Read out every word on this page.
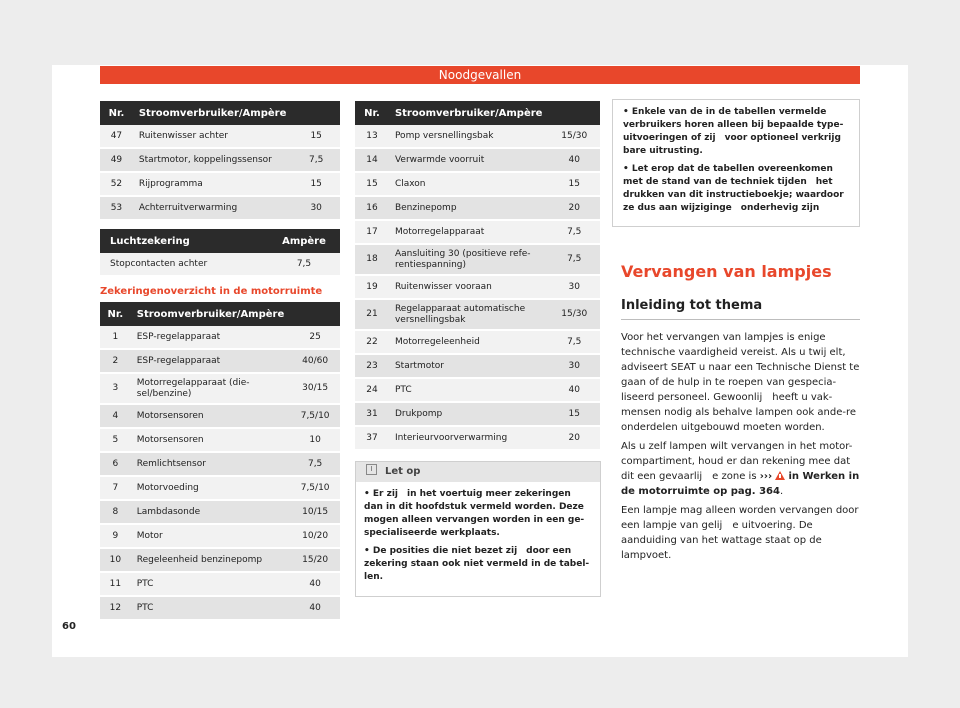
Noodgevallen
Nr.	Stroomverbruiker/Ampère	
47	Ruitenwisser achter	15
49	Startmotor, koppelingssensor	7,5
52	Rijprogramma	15
53	Achterruitverwarming	30
Luchtzekering	Ampère
Stopcontacten achter	7,5
Zekeringenoverzicht in de motorruimte
Nr.	Stroomverbruiker/Ampère	
1	ESP-regelapparaat	25
2	ESP-regelapparaat	40/60
3	Motorregelapparaat (die-
sel/benzine)	30/15
4	Motorsensoren	7,5/10
5	Motorsensoren	10
6	Remlichtsensor	7,5
7	Motorvoeding	7,5/10
8	Lambdasonde	10/15
9	Motor	10/20
10	Regeleenheid benzinepomp	15/20
11	PTC	40
12	PTC	40
Nr.	Stroomverbruiker/Ampère	
13	Pomp versnellingsbak	15/30
14	Verwarmde voorruit	40
15	Claxon	15
16	Benzinepomp	20
17	Motorregelapparaat	7,5
18	Aansluiting 30 (positieve refe-
rentiespanning)	7,5
19	Ruitenwisser vooraan	30
21	Regelapparaat automatische
versnellingsbak	15/30
22	Motorregeleenheid	7,5
23	Startmotor	30
24	PTC	40
31	Drukpomp	15
37	Interieurvoorverwarming	20
Let op

• Er zij in het voertuig meer zekeringen dan in dit hoofdstuk vermeld worden. Deze mogen alleen vervangen worden in een ge-specialiseerde werkplaats.

• De posities die niet bezet zij door een zekering staan ook niet vermeld in de tabel-len.

• Enkele van de in de tabellen vermelde verbruikers horen alleen bij bepaalde type-uitvoeringen of zij voor optioneel verkrijg bare uitrusting.

• Let erop dat de tabellen overeenkomen met de stand van de techniek tijden het drukken van dit instructieboekje; waardoor ze dus aan wijzigingе onderhevig zijn

Vervangen van lampjes
Inleiding tot thema

Voor het vervangen van lampjes is enige technische vaardigheid vereist. Als u twij elt, adviseert SEAT u naar een Technische Dienst te gaan of de hulp in te roepen van gespecia-liseerd personeel. Gewoonlij heeft u vak-mensen nodig als behalve lampen ook ande-re onderdelen uitgebouwd moeten worden.

Als u zelf lampen wilt vervangen in het motor-compartiment, houd er dan rekening mee dat dit een gevaarlij e zone is ››› in Werken in de motorruimte op pag. 364.

Een lampje mag alleen worden vervangen door een lampje van gelij e uitvoering. De aanduiding van het wattage staat op de lampvoet.

60
